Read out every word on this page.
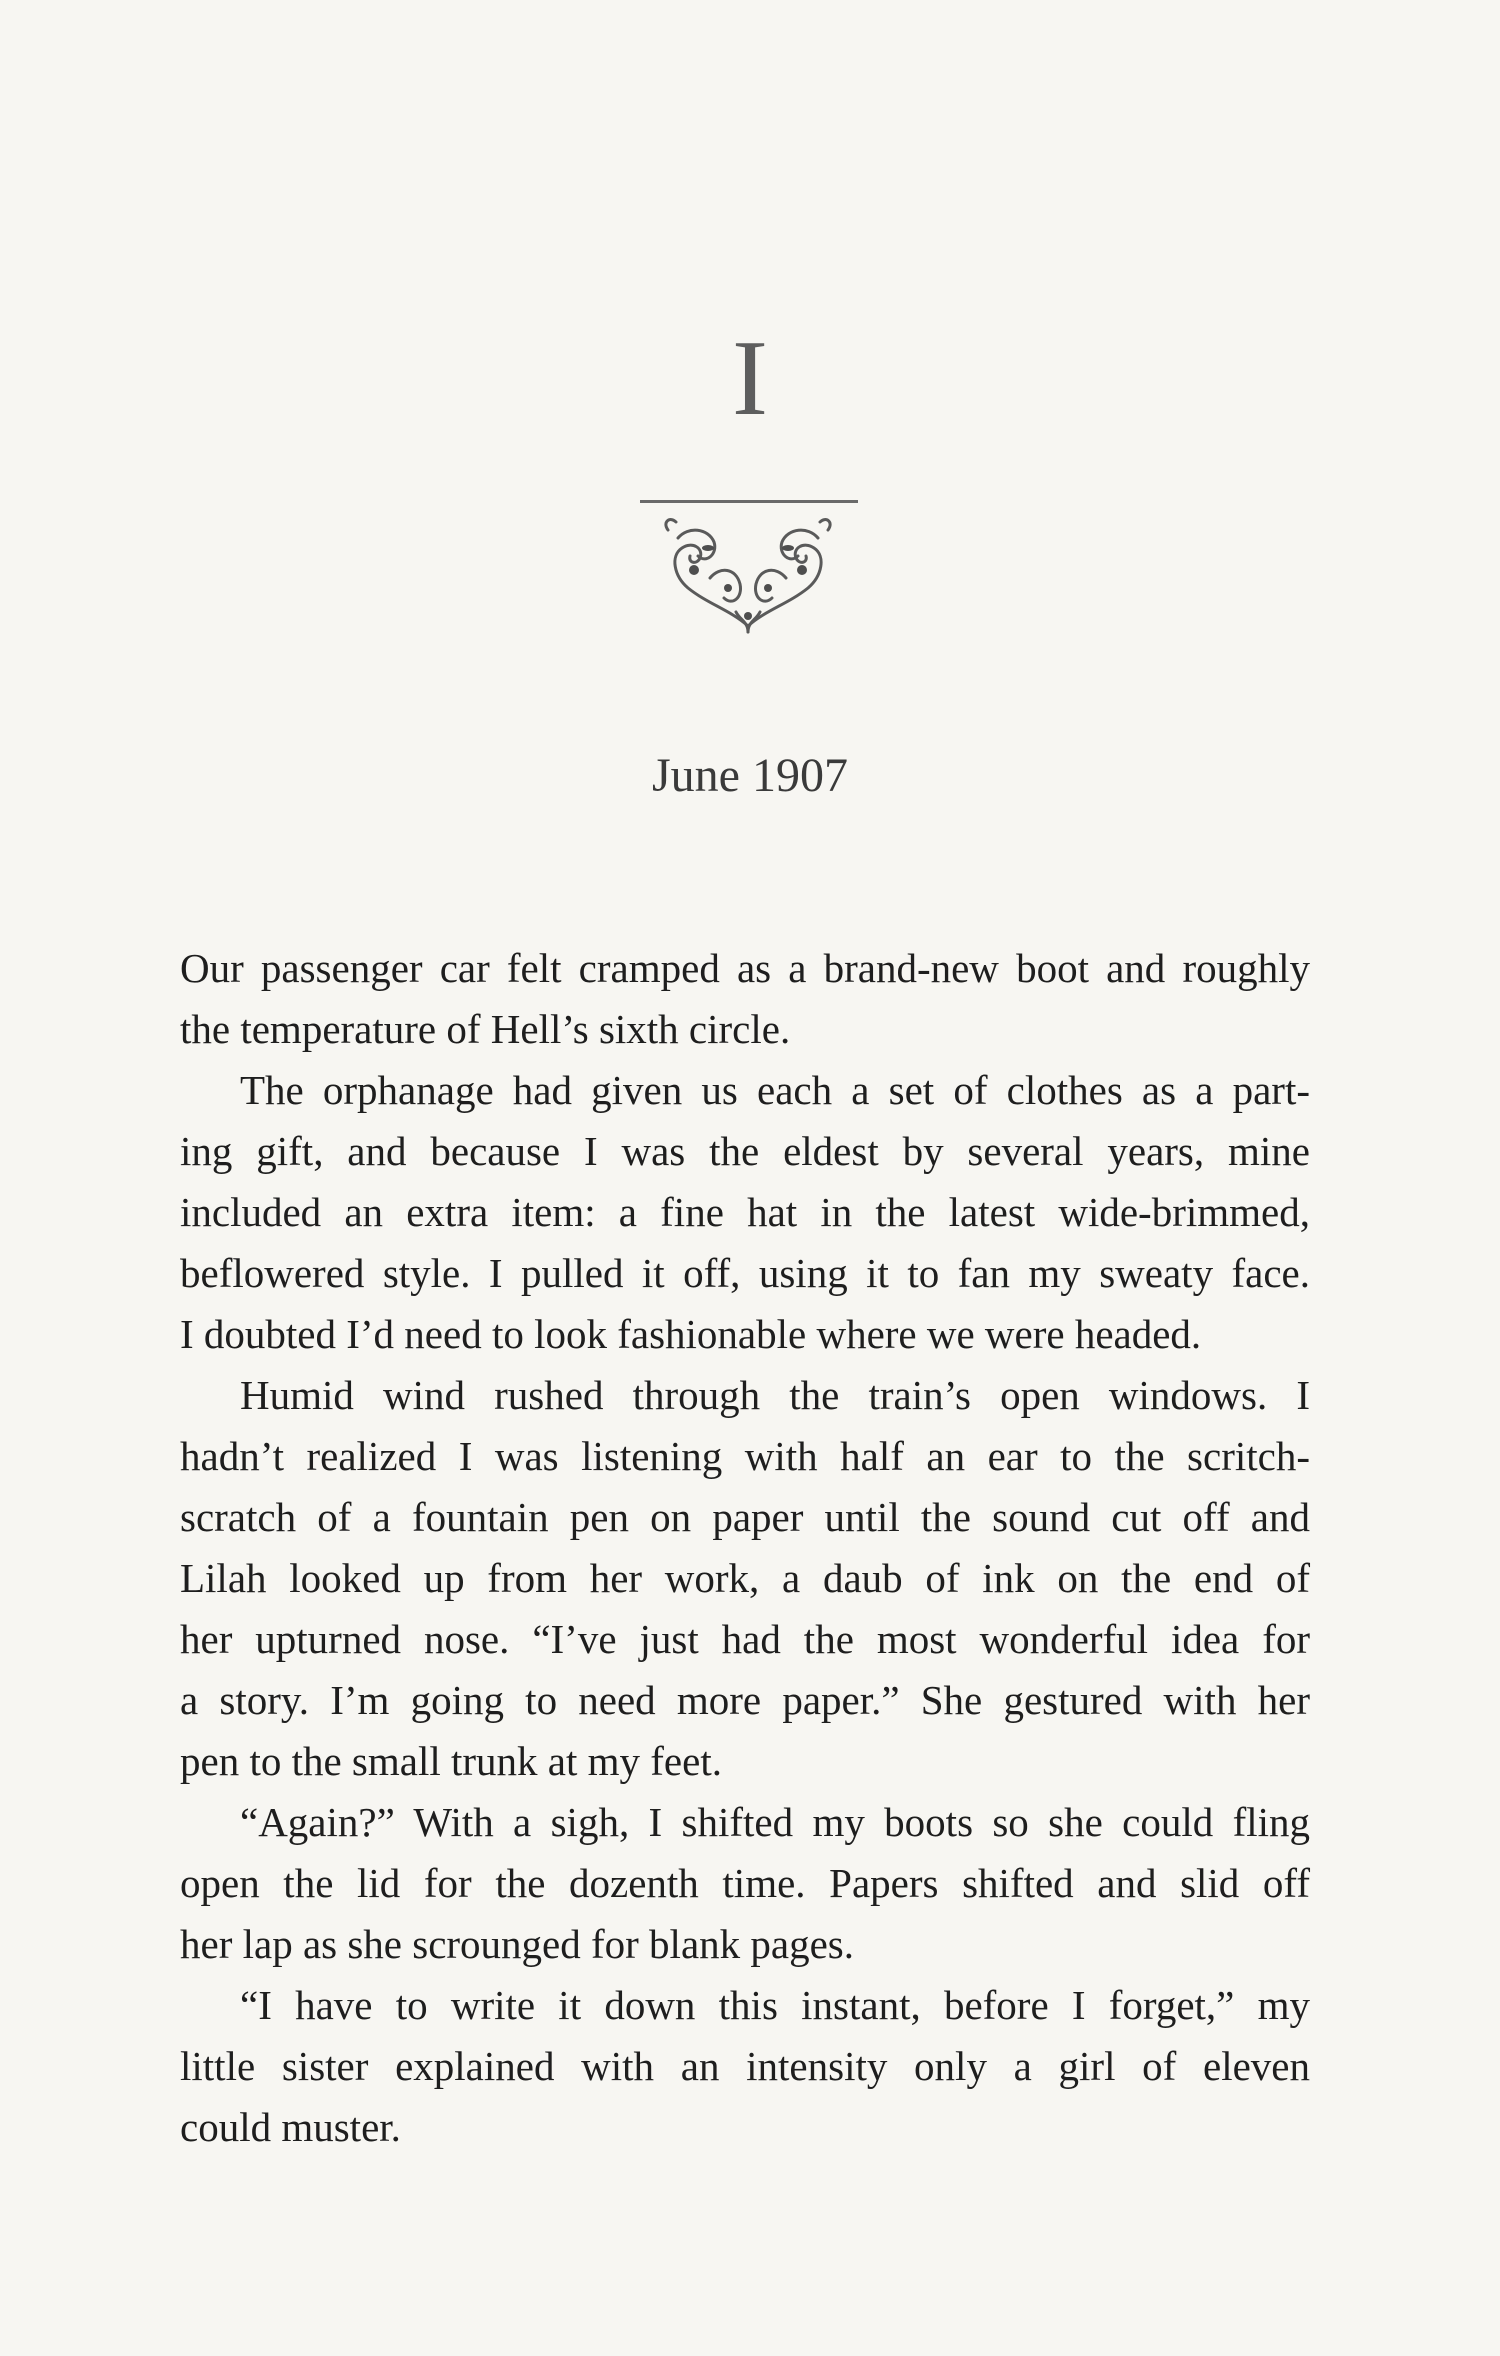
I
June 1907
Our passenger car felt cramped as a brand-new boot and roughly
the temperature of Hell’s sixth circle.
The orphanage had given us each a set of clothes as a part-
ing gift, and because I was the eldest by several years, mine
included an extra item: a fine hat in the latest wide-brimmed,
beflowered style. I pulled it off, using it to fan my sweaty face.
I doubted I’d need to look fashionable where we were headed.
Humid wind rushed through the train’s open windows. I
hadn’t realized I was listening with half an ear to the scritch-
scratch of a fountain pen on paper until the sound cut off and
Lilah looked up from her work, a daub of ink on the end of
her upturned nose. “I’ve just had the most wonderful idea for
a story. I’m going to need more paper.” She gestured with her
pen to the small trunk at my feet.
“Again?” With a sigh, I shifted my boots so she could fling
open the lid for the dozenth time. Papers shifted and slid off
her lap as she scrounged for blank pages.
“I have to write it down this instant, before I forget,” my
little sister explained with an intensity only a girl of eleven
could muster.
